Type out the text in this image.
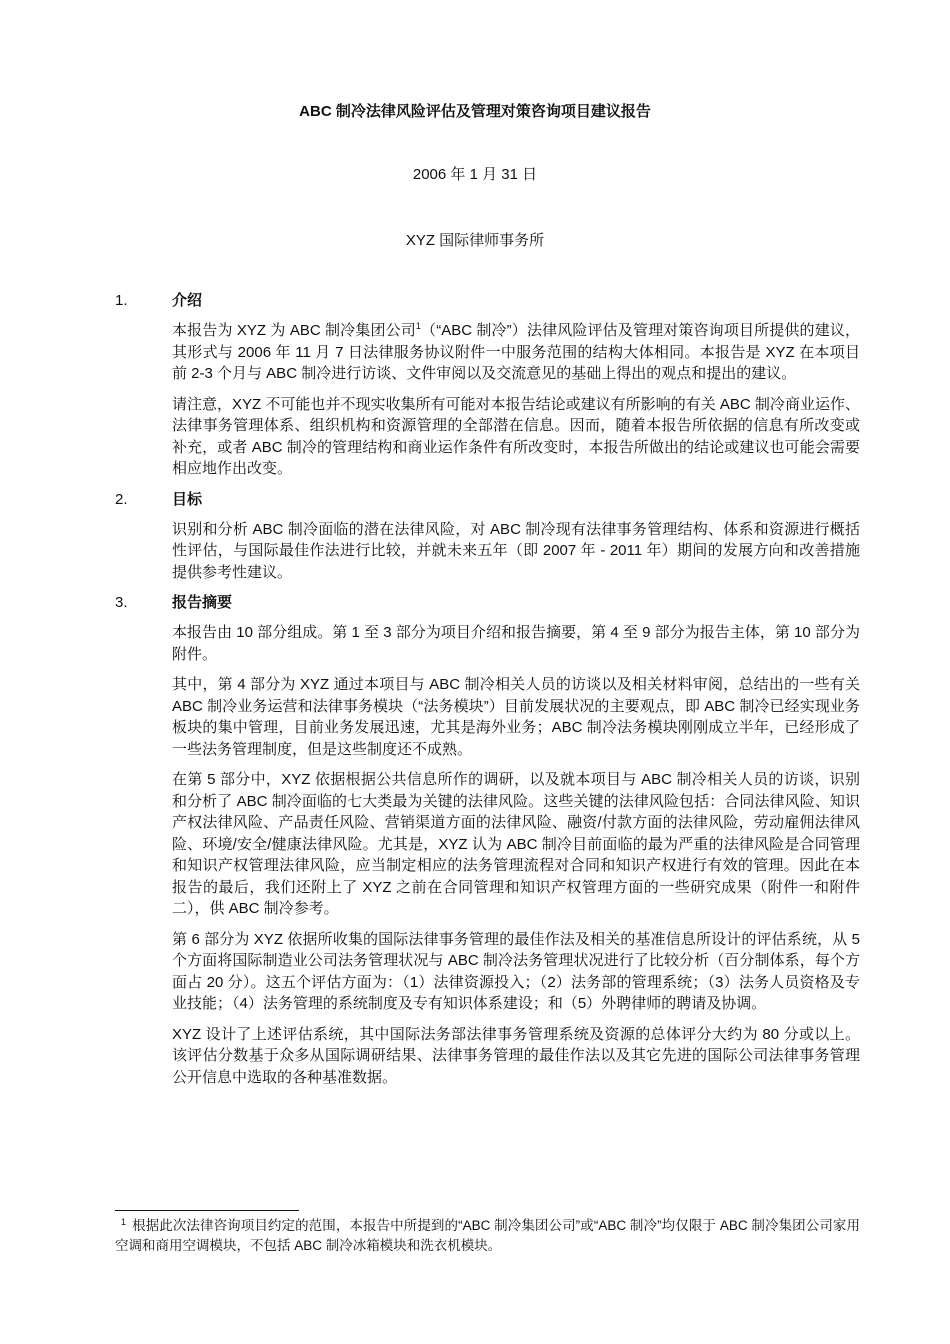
ABC 制冷法律风险评估及管理对策咨询项目建议报告
2006 年 1 月 31 日
XYZ 国际律师事务所
1.	介绍

本报告为 XYZ 为 ABC 制冷集团公司$^1$（“ABC 制冷”）法律风险评估及管理对策咨询项目所提供的建议，其形式与 2006 年 11 月 7 日法律服务协议附件一中服务范围的结构大体相同。本报告是 XYZ 在本项目前 2-3 个月与 ABC 制冷进行访谈、文件审阅以及交流意见的基础上得出的观点和提出的建议。

请注意，XYZ 不可能也并不现实收集所有可能对本报告结论或建议有所影响的有关 ABC 制冷商业运作、法律事务管理体系、组织机构和资源管理的全部潜在信息。因而，随着本报告所依据的信息有所改变或补充，或者 ABC 制冷的管理结构和商业运作条件有所改变时，本报告所做出的结论或建议也可能会需要相应地作出改变。

2.	目标

识别和分析 ABC 制冷面临的潜在法律风险，对 ABC 制冷现有法律事务管理结构、体系和资源进行概括性评估，与国际最佳作法进行比较，并就未来五年（即 2007 年 - 2011 年）期间的发展方向和改善措施提供参考性建议。

3.	报告摘要

本报告由 10 部分组成。第 1 至 3 部分为项目介绍和报告摘要，第 4 至 9 部分为报告主体，第 10 部分为附件。

其中，第 4 部分为 XYZ 通过本项目与 ABC 制冷相关人员的访谈以及相关材料审阅，总结出的一些有关 ABC 制冷业务运营和法律事务模块（“法务模块”）目前发展状况的主要观点，即 ABC 制冷已经实现业务板块的集中管理，目前业务发展迅速，尤其是海外业务；ABC 制冷法务模块刚刚成立半年，已经形成了一些法务管理制度，但是这些制度还不成熟。

在第 5 部分中，XYZ 依据根据公共信息所作的调研，以及就本项目与 ABC 制冷相关人员的访谈，识别和分析了 ABC 制冷面临的七大类最为关键的法律风险。这些关键的法律风险包括：合同法律风险、知识产权法律风险、产品责任风险、营销渠道方面的法律风险、融资/付款方面的法律风险，劳动雇佣法律风险、环境/安全/健康法律风险。尤其是，XYZ 认为 ABC 制冷目前面临的最为严重的法律风险是合同管理和知识产权管理法律风险，应当制定相应的法务管理流程对合同和知识产权进行有效的管理。因此在本报告的最后，我们还附上了 XYZ 之前在合同管理和知识产权管理方面的一些研究成果（附件一和附件二），供 ABC 制冷参考。

第 6 部分为 XYZ 依据所收集的国际法律事务管理的最佳作法及相关的基准信息所设计的评估系统，从 5 个方面将国际制造业公司法务管理状况与 ABC 制冷法务管理状况进行了比较分析（百分制体系，每个方面占 20 分）。这五个评估方面为：（1）法律资源投入；（2）法务部的管理系统；（3）法务人员资格及专业技能；（4）法务管理的系统制度及专有知识体系建设；和（5）外聘律师的聘请及协调。

XYZ 设计了上述评估系统，其中国际法务部法律事务管理系统及资源的总体评分大约为 80 分或以上。该评估分数基于众多从国际调研结果、法律事务管理的最佳作法以及其它先进的国际公司法律事务管理公开信息中选取的各种基准数据。

$^1$ 根据此次法律咨询项目约定的范围，本报告中所提到的“ABC 制冷集团公司”或“ABC 制冷”均仅限于 ABC 制冷集团公司家用空调和商用空调模块，不包括 ABC 制冷冰箱模块和洗衣机模块。
